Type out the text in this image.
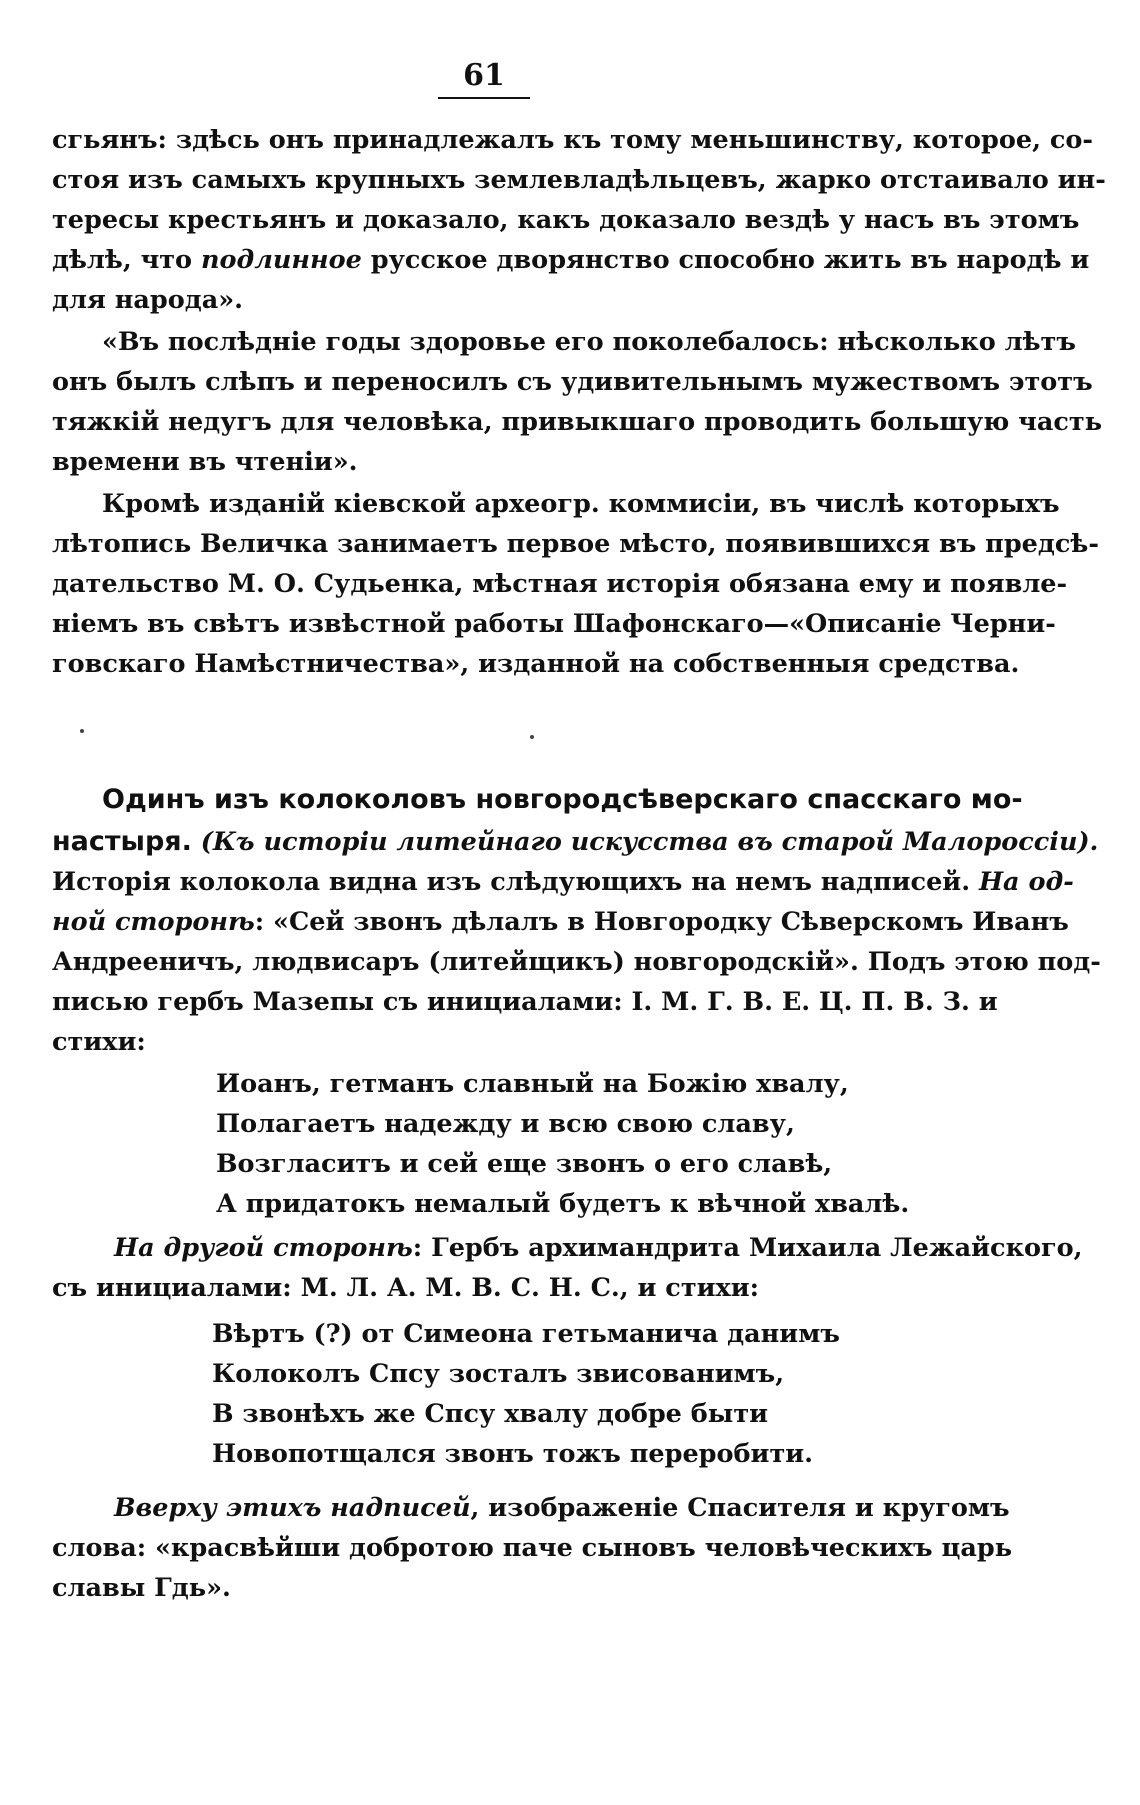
61
сгьянъ: здѣсь онъ принадлежалъ къ тому меньшинству, которое, со-
стоя изъ самыхъ крупныхъ землевладѣльцевъ, жарко отстаивало ин-
тересы крестьянъ и доказало, какъ доказало вездѣ у насъ въ этомъ
дѣлѣ, что подлинное русское дворянство способно жить въ народѣ и
для народа».
«Въ послѣдніе годы здоровье его поколебалось: нѣсколько лѣтъ
онъ былъ слѣпъ и переносилъ съ удивительнымъ мужествомъ этотъ
тяжкій недугъ для человѣка, привыкшаго проводить большую часть
времени въ чтеніи».
Кромѣ изданій кіевской археогр. коммисіи, въ числѣ которыхъ
лѣтопись Величка занимаетъ первое мѣсто, появившихся въ предсѣ-
дательство М. О. Судьенка, мѣстная исторія обязана ему и появле-
ніемъ въ свѣтъ извѣстной работы Шафонскаго—«Описаніе Черни-
говскаго Намѣстничества», изданной на собственныя средства.
Одинъ изъ колоколовъ новгородсѣверскаго спасскаго мо-
настыря. (Къ исторіи литейнаго искусства въ старой Малороссіи).
Исторія колокола видна изъ слѣдующихъ на немъ надписей. На од-
ной сторонѣ: «Сей звонъ дѣлалъ в Новгородку Сѣверскомъ Иванъ
Андрееничъ, людвисаръ (литейщикъ) новгородскій». Подъ этою под-
писью гербъ Мазепы съ инициалами: І. М. Г. В. Е. Ц. П. В. З. и
стихи:
Иоанъ, гетманъ славный на Божію хвалу,
Полагаетъ надежду и всю свою славу,
Возгласитъ и сей еще звонъ о его славѣ,
А придатокъ немалый будетъ к вѣчной хвалѣ.
На другой сторонѣ: Гербъ архимандрита Михаила Лежайского,
съ инициалами: М. Л. А. М. В. С. Н. С., и стихи:
Вѣртъ (?) от Симеона гетьманича данимъ
Колоколъ Спсу зосталъ звисованимъ,
В звонѣхъ же Спсу хвалу добре быти
Новопотщался звонъ тожъ переробити.
Вверху этихъ надписей, изображеніе Спасителя и кругомъ
слова: «красвѣйши добротою паче сыновъ человѣческихъ царь
славы Гдь».
